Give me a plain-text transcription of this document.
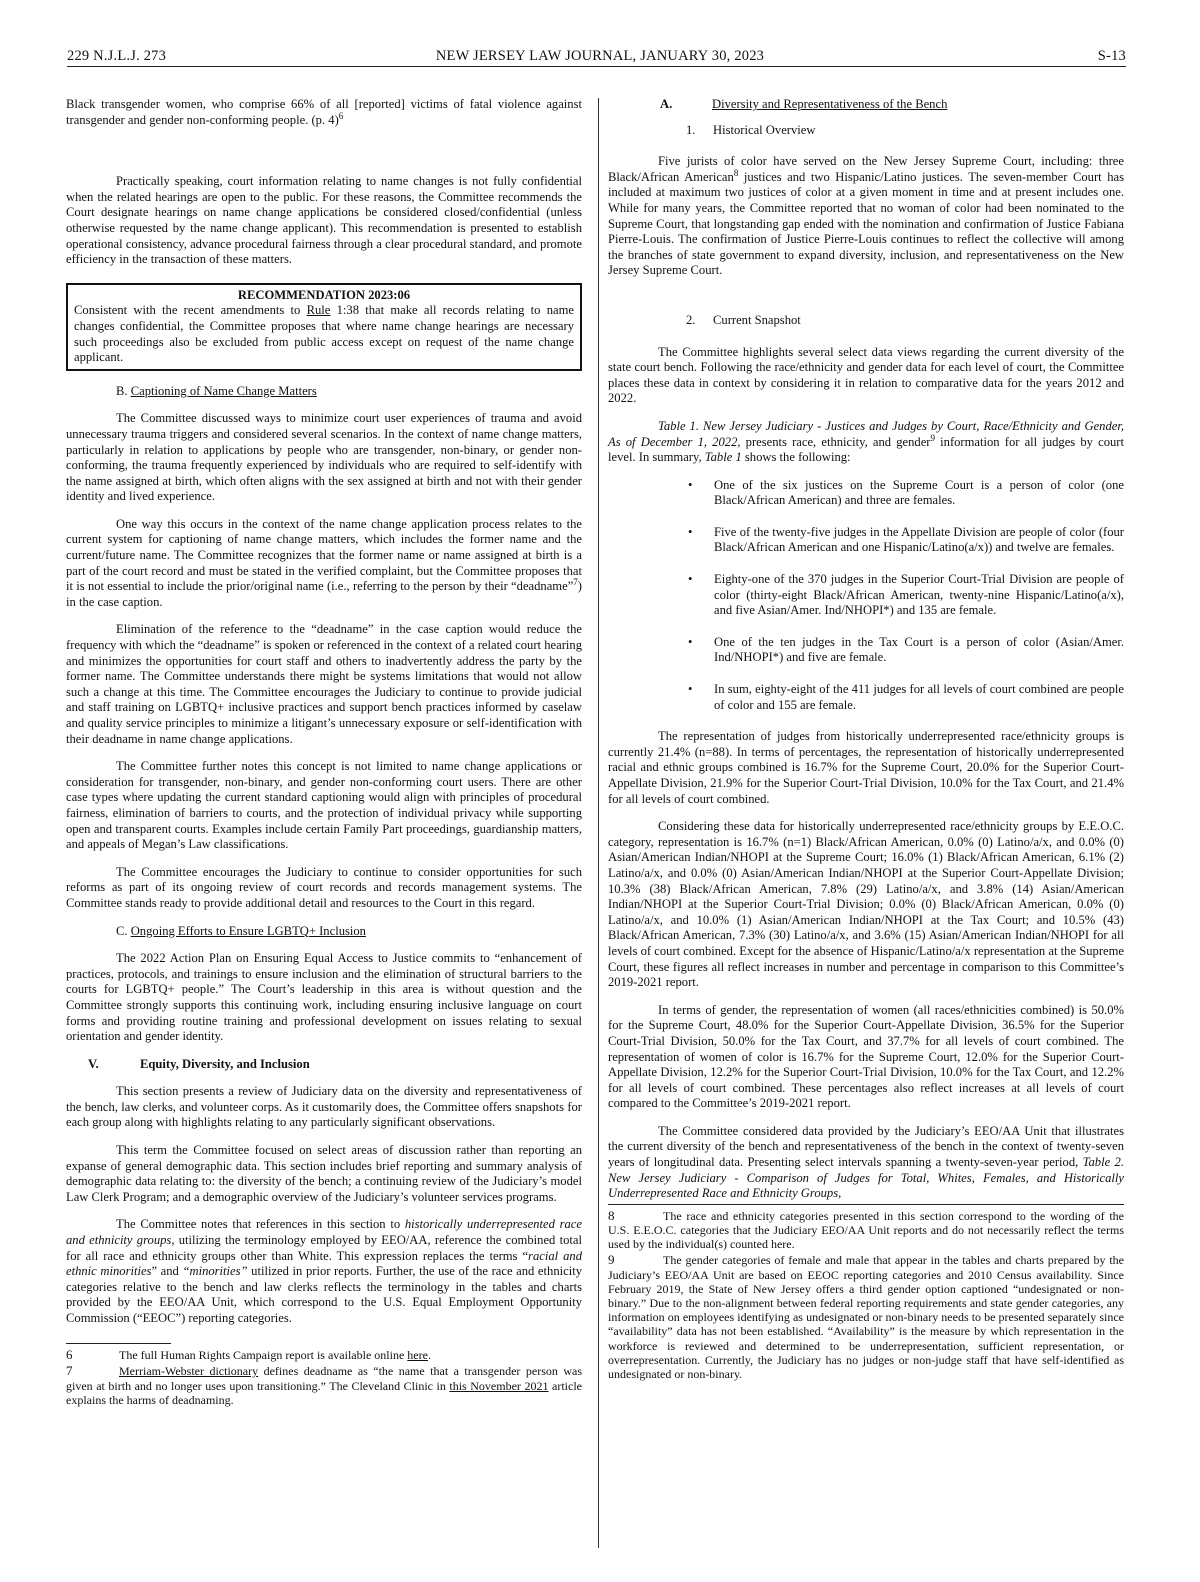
229 N.J.L.J. 273	NEW JERSEY LAW JOURNAL, JANUARY 30, 2023	S-13

Black transgender women, who comprise 66% of all [reported] victims of fatal violence against transgender and gender non-conforming people. (p. 4)$^6$

Practically speaking, court information relating to name changes is not fully confidential when the related hearings are open to the public. For these reasons, the Committee recommends the Court designate hearings on name change applications be considered closed/confidential (unless otherwise requested by the name change applicant). This recommendation is presented to establish operational consistency, advance procedural fairness through a clear procedural standard, and promote efficiency in the transaction of these matters.

RECOMMENDATION 2023:06

Consistent with the recent amendments to Rule 1:38 that make all records relating to name changes confidential, the Committee proposes that where name change hearings are necessary such proceedings also be excluded from public access except on request of the name change applicant.

B. Captioning of Name Change Matters

The Committee discussed ways to minimize court user experiences of trauma and avoid unnecessary trauma triggers and considered several scenarios. In the context of name change matters, particularly in relation to applications by people who are transgender, non-binary, or gender non-conforming, the trauma frequently experienced by individuals who are required to self-identify with the name assigned at birth, which often aligns with the sex assigned at birth and not with their gender identity and lived experience.

One way this occurs in the context of the name change application process relates to the current system for captioning of name change matters, which includes the former name and the current/future name. The Committee recognizes that the former name or name assigned at birth is a part of the court record and must be stated in the verified complaint, but the Committee proposes that it is not essential to include the prior/original name (i.e., referring to the person by their “deadname”$^7$) in the case caption.

Elimination of the reference to the “deadname” in the case caption would reduce the frequency with which the “deadname” is spoken or referenced in the context of a related court hearing and minimizes the opportunities for court staff and others to inadvertently address the party by the former name. The Committee understands there might be systems limitations that would not allow such a change at this time. The Committee encourages the Judiciary to continue to provide judicial and staff training on LGBTQ+ inclusive practices and support bench practices informed by caselaw and quality service principles to minimize a litigant’s unnecessary exposure or self-identification with their deadname in name change applications.

The Committee further notes this concept is not limited to name change applications or consideration for transgender, non-binary, and gender non-conforming court users. There are other case types where updating the current standard captioning would align with principles of procedural fairness, elimination of barriers to courts, and the protection of individual privacy while supporting open and transparent courts. Examples include certain Family Part proceedings, guardianship matters, and appeals of Megan’s Law classifications.

The Committee encourages the Judiciary to continue to consider opportunities for such reforms as part of its ongoing review of court records and records management systems. The Committee stands ready to provide additional detail and resources to the Court in this regard.

C. Ongoing Efforts to Ensure LGBTQ+ Inclusion

The 2022 Action Plan on Ensuring Equal Access to Justice commits to “enhancement of practices, protocols, and trainings to ensure inclusion and the elimination of structural barriers to the courts for LGBTQ+ people.” The Court’s leadership in this area is without question and the Committee strongly supports this continuing work, including ensuring inclusive language on court forms and providing routine training and professional development on issues relating to sexual orientation and gender identity.

V.	Equity, Diversity, and Inclusion

This section presents a review of Judiciary data on the diversity and representativeness of the bench, law clerks, and volunteer corps. As it customarily does, the Committee offers snapshots for each group along with highlights relating to any particularly significant observations.

This term the Committee focused on select areas of discussion rather than reporting an expanse of general demographic data. This section includes brief reporting and summary analysis of demographic data relating to: the diversity of the bench; a continuing review of the Judiciary’s model Law Clerk Program; and a demographic overview of the Judiciary’s volunteer services programs.

The Committee notes that references in this section to historically underrepresented race and ethnicity groups, utilizing the terminology employed by EEO/AA, reference the combined total for all race and ethnicity groups other than White. This expression replaces the terms “racial and ethnic minorities” and “minorities” utilized in prior reports. Further, the use of the race and ethnicity categories relative to the bench and law clerks reflects the terminology in the tables and charts provided by the EEO/AA Unit, which correspond to the U.S. Equal Employment Opportunity Commission (“EEOC”) reporting categories.

6	The full Human Rights Campaign report is available online here.

7	Merriam-Webster dictionary defines deadname as “the name that a transgender person was given at birth and no longer uses upon transitioning.” The Cleveland Clinic in this November 2021 article explains the harms of deadnaming.

A.	Diversity and Representativeness of the Bench

1. Historical Overview

Five jurists of color have served on the New Jersey Supreme Court, including: three Black/African American$^8$ justices and two Hispanic/Latino justices. The seven-member Court has included at maximum two justices of color at a given moment in time and at present includes one. While for many years, the Committee reported that no woman of color had been nominated to the Supreme Court, that longstanding gap ended with the nomination and confirmation of Justice Fabiana Pierre-Louis. The confirmation of Justice Pierre-Louis continues to reflect the collective will among the branches of state government to expand diversity, inclusion, and representativeness on the New Jersey Supreme Court.

2. Current Snapshot

The Committee highlights several select data views regarding the current diversity of the state court bench. Following the race/ethnicity and gender data for each level of court, the Committee places these data in context by considering it in relation to comparative data for the years 2012 and 2022.

Table 1. New Jersey Judiciary - Justices and Judges by Court, Race/Ethnicity and Gender, As of December 1, 2022, presents race, ethnicity, and gender$^9$ information for all judges by court level. In summary, Table 1 shows the following:

• One of the six justices on the Supreme Court is a person of color (one Black/African American) and three are females.
• Five of the twenty-five judges in the Appellate Division are people of color (four Black/African American and one Hispanic/Latino(a/x)) and twelve are females.
• Eighty-one of the 370 judges in the Superior Court-Trial Division are people of color (thirty-eight Black/African American, twenty-nine Hispanic/Latino(a/x), and five Asian/Amer. Ind/NHOPI*) and 135 are female.
• One of the ten judges in the Tax Court is a person of color (Asian/Amer. Ind/NHOPI*) and five are female.
• In sum, eighty-eight of the 411 judges for all levels of court combined are people of color and 155 are female.

The representation of judges from historically underrepresented race/ethnicity groups is currently 21.4% (n=88). In terms of percentages, the representation of historically underrepresented racial and ethnic groups combined is 16.7% for the Supreme Court, 20.0% for the Superior Court-Appellate Division, 21.9% for the Superior Court-Trial Division, 10.0% for the Tax Court, and 21.4% for all levels of court combined.

Considering these data for historically underrepresented race/ethnicity groups by E.E.O.C. category, representation is 16.7% (n=1) Black/African American, 0.0% (0) Latino/a/x, and 0.0% (0) Asian/American Indian/NHOPI at the Supreme Court; 16.0% (1) Black/African American, 6.1% (2) Latino/a/x, and 0.0% (0) Asian/American Indian/NHOPI at the Superior Court-Appellate Division; 10.3% (38) Black/African American, 7.8% (29) Latino/a/x, and 3.8% (14) Asian/American Indian/NHOPI at the Superior Court-Trial Division; 0.0% (0) Black/African American, 0.0% (0) Latino/a/x, and 10.0% (1) Asian/American Indian/NHOPI at the Tax Court; and 10.5% (43) Black/African American, 7.3% (30) Latino/a/x, and 3.6% (15) Asian/American Indian/NHOPI for all levels of court combined. Except for the absence of Hispanic/Latino/a/x representation at the Supreme Court, these figures all reflect increases in number and percentage in comparison to this Committee’s 2019-2021 report.

In terms of gender, the representation of women (all races/ethnicities combined) is 50.0% for the Supreme Court, 48.0% for the Superior Court-Appellate Division, 36.5% for the Superior Court-Trial Division, 50.0% for the Tax Court, and 37.7% for all levels of court combined. The representation of women of color is 16.7% for the Supreme Court, 12.0% for the Superior Court-Appellate Division, 12.2% for the Superior Court-Trial Division, 10.0% for the Tax Court, and 12.2% for all levels of court combined. These percentages also reflect increases at all levels of court compared to the Committee’s 2019-2021 report.

The Committee considered data provided by the Judiciary’s EEO/AA Unit that illustrates the current diversity of the bench and representativeness of the bench in the context of twenty-seven years of longitudinal data. Presenting select intervals spanning a twenty-seven-year period, Table 2. New Jersey Judiciary - Comparison of Judges for Total, Whites, Females, and Historically Underrepresented Race and Ethnicity Groups,

8	The race and ethnicity categories presented in this section correspond to the wording of the U.S. E.E.O.C. categories that the Judiciary EEO/AA Unit reports and do not necessarily reflect the terms used by the individual(s) counted here.

9	The gender categories of female and male that appear in the tables and charts prepared by the Judiciary’s EEO/AA Unit are based on EEOC reporting categories and 2010 Census availability. Since February 2019, the State of New Jersey offers a third gender option captioned “undesignated or non-binary.” Due to the non-alignment between federal reporting requirements and state gender categories, any information on employees identifying as undesignated or non-binary needs to be presented separately since “availability” data has not been established. “Availability” is the measure by which representation in the workforce is reviewed and determined to be underrepresentation, sufficient representation, or overrepresentation. Currently, the Judiciary has no judges or non-judge staff that have self-identified as undesignated or non-binary.
